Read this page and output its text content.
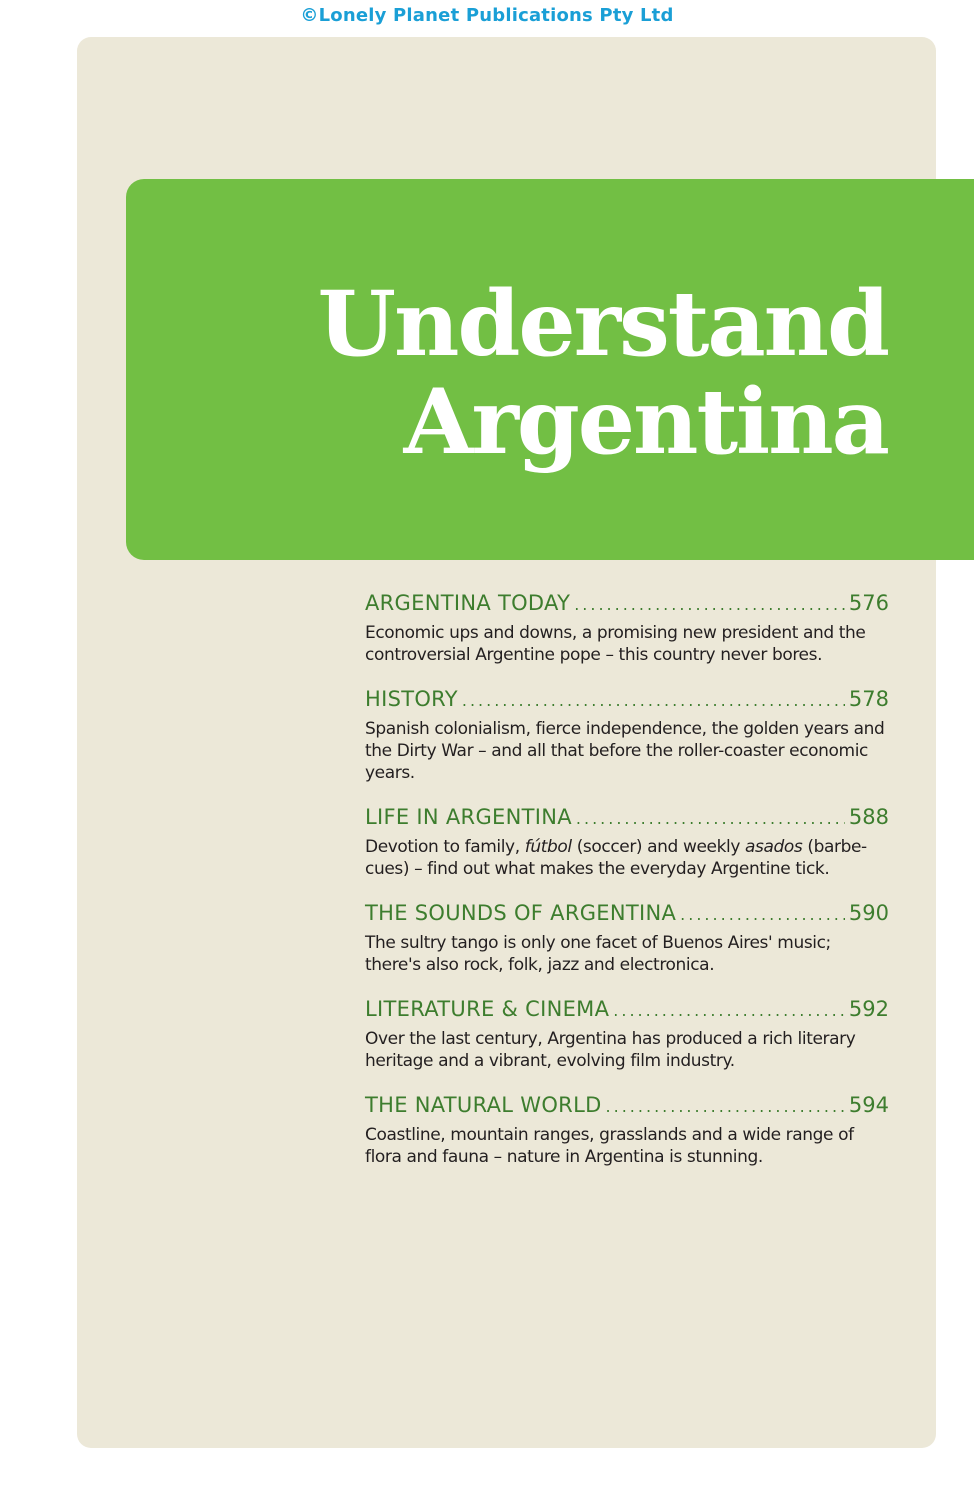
©Lonely Planet Publications Pty Ltd
Understand
Argentina
ARGENTINA TODAY .....	576

Economic ups and downs, a promising new president and the controversial Argentine pope – this country never bores.

HISTORY .....	578

Spanish colonialism, fierce independence, the golden years and the Dirty War – and all that before the roller-coaster economic years.

LIFE IN ARGENTINA .....	588

Devotion to family, fútbol (soccer) and weekly asados (barbe-cues) – find out what makes the everyday Argentine tick.

THE SOUNDS OF ARGENTINA .....	590

The sultry tango is only one facet of Buenos Aires' music; there's also rock, folk, jazz and electronica.

LITERATURE & CINEMA .....	592

Over the last century, Argentina has produced a rich literary heritage and a vibrant, evolving film industry.

THE NATURAL WORLD .....	594

Coastline, mountain ranges, grasslands and a wide range of flora and fauna – nature in Argentina is stunning.
